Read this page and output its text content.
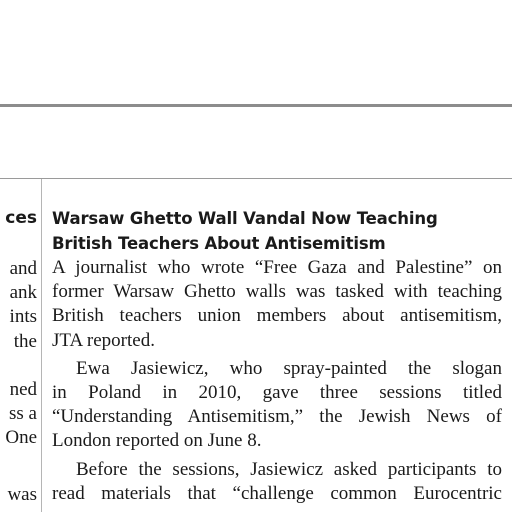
ces
and
ank
ints
the
ned
ss a
One
was
Warsaw Ghetto Wall Vandal Now Teaching
British Teachers About Antisemitism

A journalist who wrote “Free Gaza and Palestine” on
former Warsaw Ghetto walls was tasked with teaching
British teachers union members about antisemitism,
JTA reported.

Ewa Jasiewicz, who spray-painted the slogan
in Poland in 2010, gave three sessions titled
“Understanding Antisemitism,” the Jewish News of
London reported on June 8.

Before the sessions, Jasiewicz asked participants to
read materials that “challenge common Eurocentric
